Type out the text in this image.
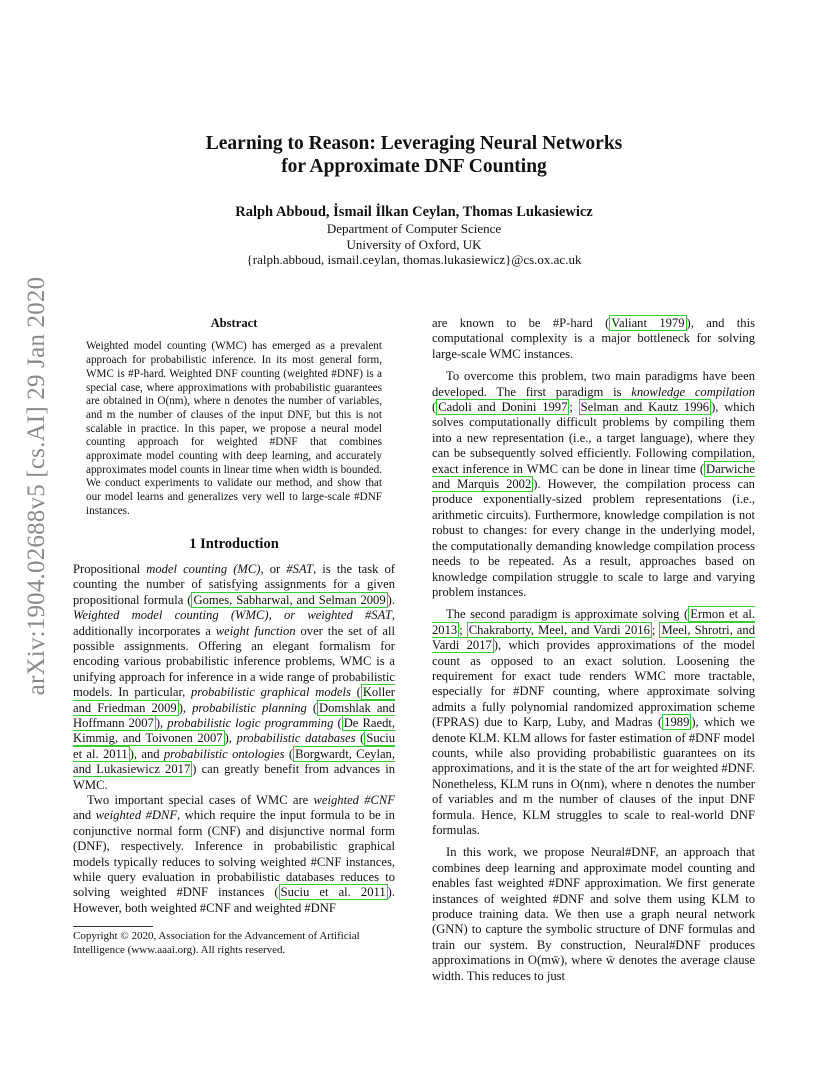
arXiv:1904.02688v5 [cs.AI] 29 Jan 2020
Learning to Reason: Leveraging Neural Networks
for Approximate DNF Counting
Ralph Abboud, İsmail İlkan Ceylan, Thomas Lukasiewicz
Department of Computer Science
University of Oxford, UK
{ralph.abboud, ismail.ceylan, thomas.lukasiewicz}@cs.ox.ac.uk
Abstract
Weighted model counting (WMC) has emerged as a prevalent approach for probabilistic inference. In its most general form, WMC is #P-hard. Weighted DNF counting (weighted #DNF) is a special case, where approximations with probabilistic guarantees are obtained in O(nm), where n denotes the number of variables, and m the number of clauses of the input DNF, but this is not scalable in practice. In this paper, we propose a neural model counting approach for weighted #DNF that combines approximate model counting with deep learning, and accurately approximates model counts in linear time when width is bounded. We conduct experiments to validate our method, and show that our model learns and generalizes very well to large-scale #DNF instances.
1 Introduction

Propositional model counting (MC), or #SAT, is the task of counting the number of satisfying assignments for a given propositional formula ( Gomes, Sabharwal, and Selman 2009 ). Weighted model counting (WMC), or weighted #SAT, additionally incorporates a weight function over the set of all possible assignments. Offering an elegant formalism for encoding various probabilistic inference problems, WMC is a unifying approach for inference in a wide range of probabilistic models. In particular, probabilistic graphical models ( Koller and Friedman 2009 ), probabilistic planning ( Domshlak and Hoffmann 2007 ), probabilistic logic programming ( De Raedt, Kimmig, and Toivonen 2007 ), probabilistic databases ( Suciu et al. 2011 ), and probabilistic ontologies ( Borgwardt, Ceylan, and Lukasiewicz 2017 ) can greatly benefit from advances in WMC.

Two important special cases of WMC are weighted #CNF and weighted #DNF, which require the input formula to be in conjunctive normal form (CNF) and disjunctive normal form (DNF), respectively. Inference in probabilistic graphical models typically reduces to solving weighted #CNF instances, while query evaluation in probabilistic databases reduces to solving weighted #DNF instances ( Suciu et al. 2011 ). However, both weighted #CNF and weighted #DNF

Copyright © 2020, Association for the Advancement of Artificial Intelligence (www.aaai.org). All rights reserved.

are known to be #P-hard ( Valiant 1979 ), and this computational complexity is a major bottleneck for solving large-scale WMC instances.

To overcome this problem, two main paradigms have been developed. The first paradigm is knowledge compilation ( Cadoli and Donini 1997 ; Selman and Kautz 1996 ), which solves computationally difficult problems by compiling them into a new representation (i.e., a target language), where they can be subsequently solved efficiently. Following compilation, exact inference in WMC can be done in linear time ( Darwiche and Marquis 2002 ). However, the compilation process can produce exponentially-sized problem representations (i.e., arithmetic circuits). Furthermore, knowledge compilation is not robust to changes: for every change in the underlying model, the computationally demanding knowledge compilation process needs to be repeated. As a result, approaches based on knowledge compilation struggle to scale to large and varying problem instances.

The second paradigm is approximate solving ( Ermon et al. 2013 ; Chakraborty, Meel, and Vardi 2016 ; Meel, Shrotri, and Vardi 2017 ), which provides approximations of the model count as opposed to an exact solution. Loosening the requirement for exact tude renders WMC more tractable, especially for #DNF counting, where approximate solving admits a fully polynomial randomized approximation scheme (FPRAS) due to Karp, Luby, and Madras ( 1989 ), which we denote KLM. KLM allows for faster estimation of #DNF model counts, while also providing probabilistic guarantees on its approximations, and it is the state of the art for weighted #DNF. Nonetheless, KLM runs in O(nm), where n denotes the number of variables and m the number of clauses of the input DNF formula. Hence, KLM struggles to scale to real-world DNF formulas.

In this work, we propose Neural#DNF, an approach that combines deep learning and approximate model counting and enables fast weighted #DNF approximation. We first generate instances of weighted #DNF and solve them using KLM to produce training data. We then use a graph neural network (GNN) to capture the symbolic structure of DNF formulas and train our system. By construction, Neural#DNF produces approximations in O(mw̄), where w̄ denotes the average clause width. This reduces to just
